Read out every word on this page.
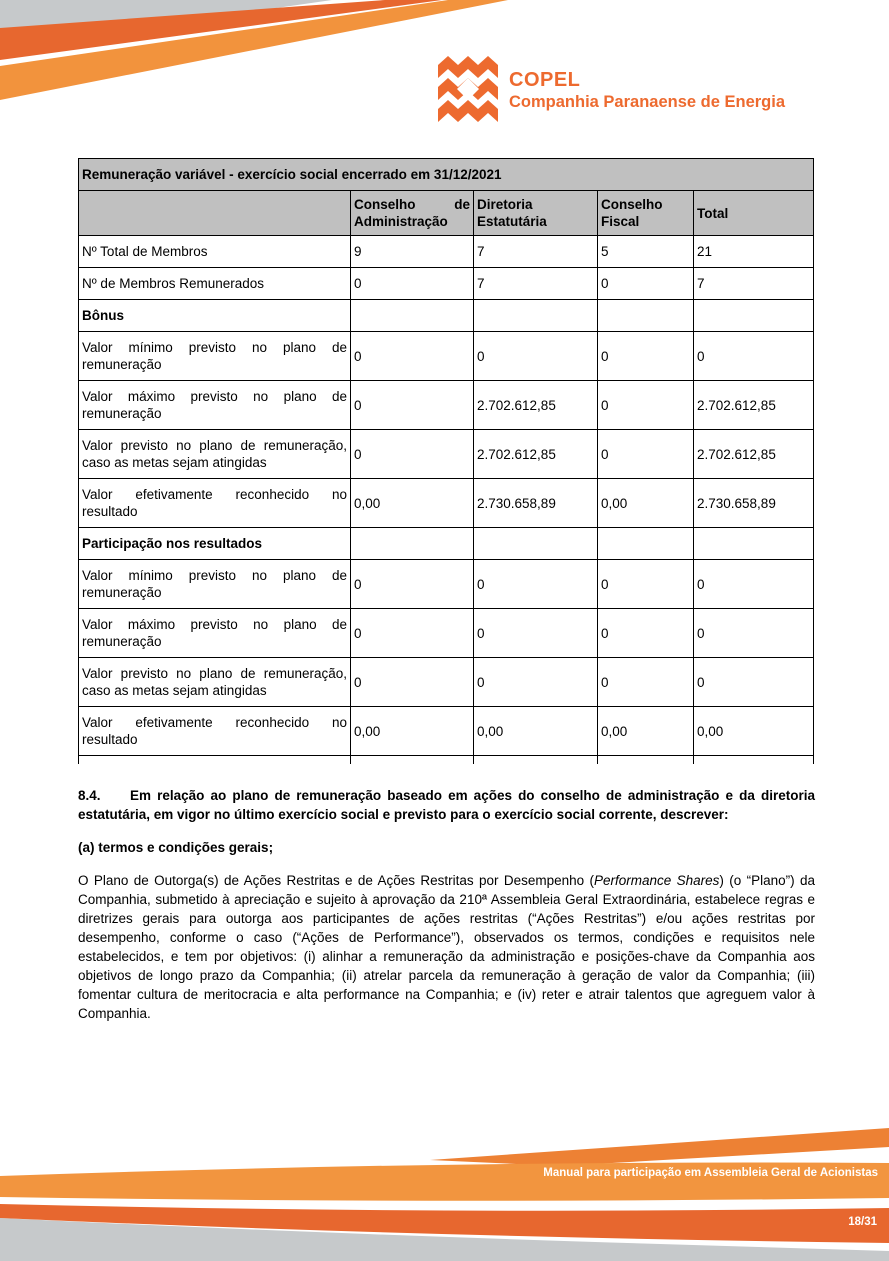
COPEL
Companhia Paranaense de Energia
Remuneração variável - exercício social encerrado em 31/12/2021				
	Conselho de Administração	Diretoria Estatutária	Conselho Fiscal	Total
Nº Total de Membros	9	7	5	21
Nº de Membros Remunerados	0	7	0	7
Bônus				
Valor mínimo previsto no plano de remuneração	0	0	0	0
Valor máximo previsto no plano de remuneração	0	2.702.612,85	0	2.702.612,85
Valor previsto no plano de remuneração, caso as metas sejam atingidas	0	2.702.612,85	0	2.702.612,85
Valor efetivamente reconhecido no resultado	0,00	2.730.658,89	0,00	2.730.658,89
Participação nos resultados				
Valor mínimo previsto no plano de remuneração	0	0	0	0
Valor máximo previsto no plano de remuneração	0	0	0	0
Valor previsto no plano de remuneração, caso as metas sejam atingidas	0	0	0	0
Valor efetivamente reconhecido no resultado	0,00	0,00	0,00	0,00

8.4. Em relação ao plano de remuneração baseado em ações do conselho de administração e da diretoria estatutária, em vigor no último exercício social e previsto para o exercício social corrente, descrever:

(a) termos e condições gerais;

O Plano de Outorga(s) de Ações Restritas e de Ações Restritas por Desempenho (Performance Shares) (o “Plano”) da Companhia, submetido à apreciação e sujeito à aprovação da 210ª Assembleia Geral Extraordinária, estabelece regras e diretrizes gerais para outorga aos participantes de ações restritas (“Ações Restritas”) e/ou ações restritas por desempenho, conforme o caso (“Ações de Performance”), observados os termos, condições e requisitos nele estabelecidos, e tem por objetivos: (i) alinhar a remuneração da administração e posições-chave da Companhia aos objetivos de longo prazo da Companhia; (ii) atrelar parcela da remuneração à geração de valor da Companhia; (iii) fomentar cultura de meritocracia e alta performance na Companhia; e (iv) reter e atrair talentos que agreguem valor à Companhia.

Manual para participação em Assembleia Geral de Acionistas
18/31
